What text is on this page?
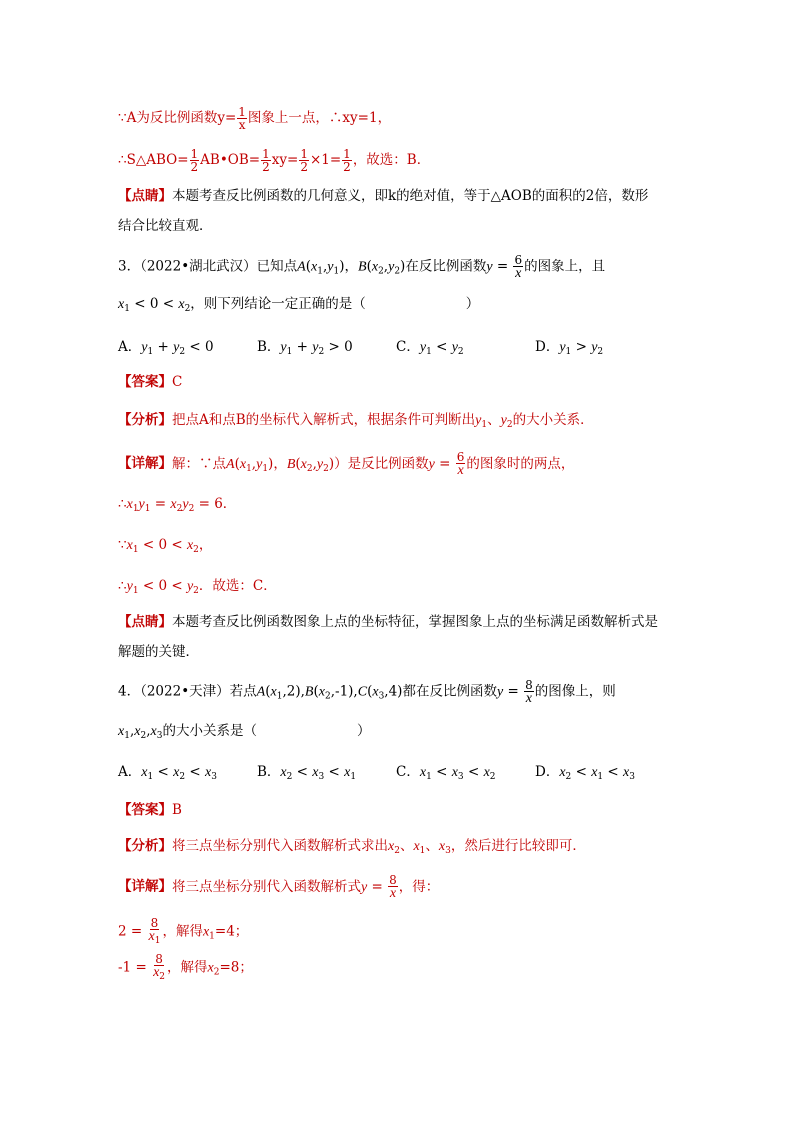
∵A为反比例函数$y= \frac{1}{x}$ 图象上一点，∴xy=1，
∴S△ABO= $\frac{1}{2}$ AB•OB= $\frac{1}{2} xy= \frac{1}{2} \times 1= \frac{1}{2}$ ，故选：B．
【点睛】本题考查反比例函数的几何意义，即k的绝对值，等于△AOB的面积的2倍，数形
结合比较直观．
3．（2022•湖北武汉）已知点$A(x_1,y_1)$，$B(x_2,y_2)$在反比例函数$y = \frac{6}{x}$ 的图象上，且
$x_1 < 0 < x_2$，则下列结论一定正确的是（	）
A．$y_1 + y_2 < 0$	B．$y_1 + y_2 > 0$	C．$y_1 < y_2$	D．$y_1 > y_2$
【答案】C
【分析】把点A和点B的坐标代入解析式，根据条件可判断出$y_1$、$y_2$的大小关系．
【详解】解：∵点$A(x_1,y_1)$，$B(x_2,y_2)$）是反比例函数$y = \frac{6}{x}$ 的图象时的两点，
$\therefore x_1y_1 = x_2y_2 = 6$．
$\because x_1 < 0 < x_2$，
$\therefore y_1 < 0 < y_2$．故选：C．
【点睛】本题考查反比例函数图象上点的坐标特征，掌握图象上点的坐标满足函数解析式是
解题的关键．
4．（2022•天津）若点$A(x_1,2),B(x_2,-1),C(x_3,4)$都在反比例函数$y = \frac{8}{x}$ 的图像上，则
$x_1,x_2,x_3$的大小关系是（	）
A．$x_1 < x_2 < x_3$	B．$x_2 < x_3 < x_1$	C．$x_1 < x_3 < x_2$	D．$x_2 < x_1 < x_3$
【答案】B
【分析】将三点坐标分别代入函数解析式求出$x_2$、$x_1$、$x_3$，然后进行比较即可．
【详解】将三点坐标分别代入函数解析式$y = \frac{8}{x}$ ，得：
$2 = \frac{8}{x_1}$ ，解得$x_1=4$；
$-1 = \frac{8}{x_2}$ ，解得$x_2=8$；
